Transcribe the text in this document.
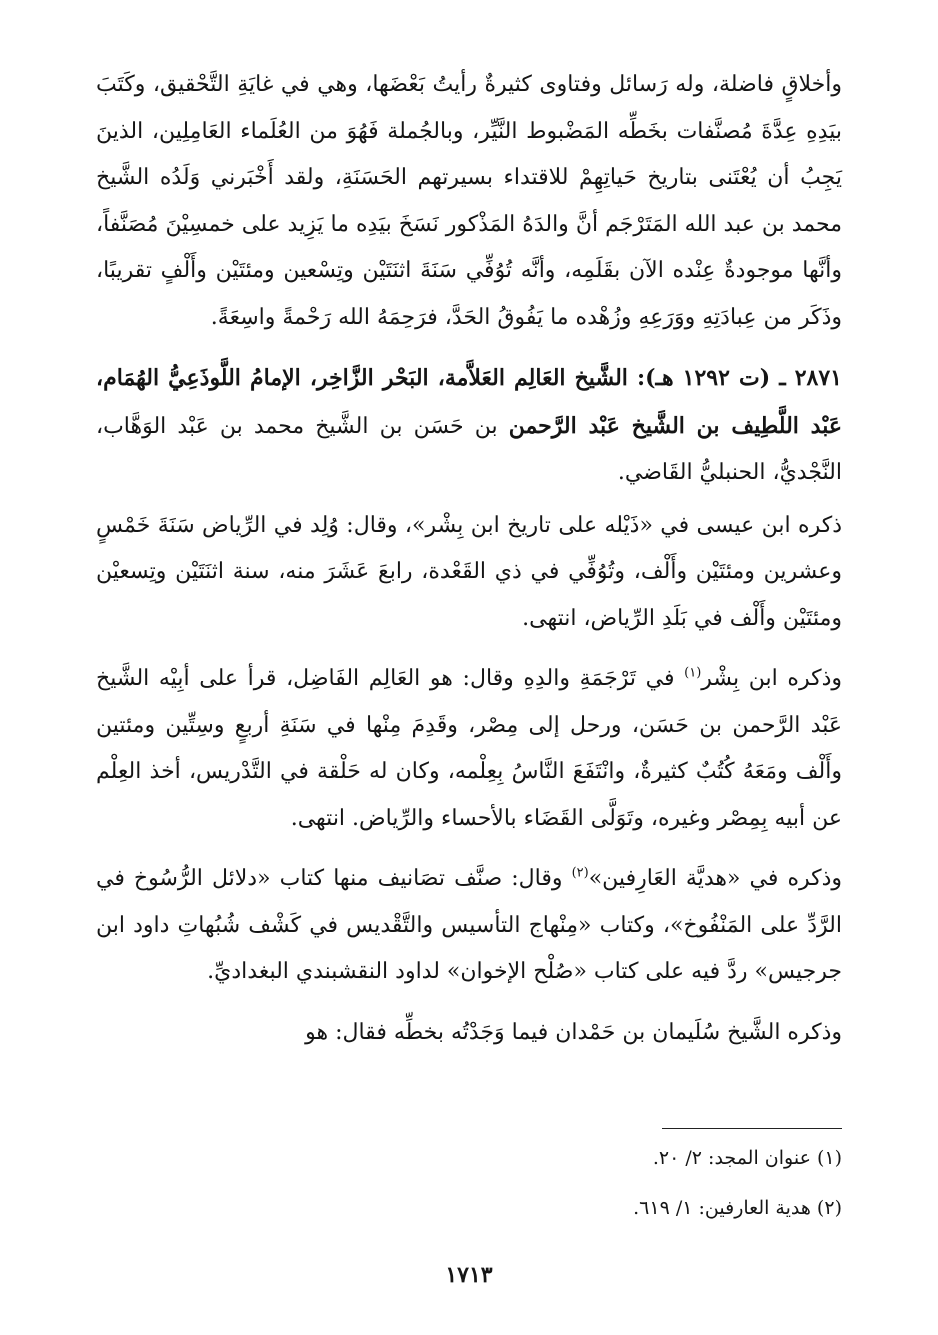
وأخلاقٍ فاضلة، وله رَسائل وفتاوى كثيرةٌ رأيتُ بَعْضَها، وهي في غايَةِ التَّحْقيق، وكَتَبَ بيَدِهِ عِدَّةَ مُصنَّفات بخَطِّه المَضْبوط النَّيِّر، وبالجُملة فَهُوَ من العُلَماء العَامِلِين، الذينَ يَجِبُ أن يُعْتَنى بتاريخ حَياتِهِمْ للاقتداء بسيرتهم الحَسَنَةِ، ولقد أَخْبَرني وَلَدُه الشَّيخ محمد بن عبد الله المَتَرْجَم أنَّ والدَهُ المَذْكور نَسَخَ بيَدِه ما يَزِيد على خمسِيْنَ مُصَنَّفاً، وأنَّها موجودةٌ عِنْده الآن بقَلَمِه، وأنَّه تُوُفِّي سَنَةَ اثنَتَيْن وتِسْعين ومئتَيْن وأَلْفٍ تقريبًا، وذَكَر من عِبادَتِهِ ووَرَعِهِ وزُهْده ما يَفُوقُ الحَدَّ، فرَحِمَهُ الله رَحْمةً واسِعَةً.

٢٨٧١ ـ (ت ١٢٩٢ هـ): الشَّيخ العَالِم العَلاَّمة، البَحْر الزَّاخِر، الإمامُ اللَّوذَعِيُّ الهُمَام، عَبْد اللَّطِيف بن الشَّيخ عَبْد الرَّحمن بن حَسَن بن الشَّيخ محمد بن عَبْد الوَهَّاب، النَّجْديُّ، الحنبليُّ القَاضي.

ذكره ابن عيسى في «ذَيْله على تاريخ ابن بِشْر»، وقال: وُلِد في الرِّياض سَنَةَ خَمْسٍ وعشرين ومئتَيْن وأَلْف، وتُوُفِّي في ذي القَعْدة، رابعَ عَشَرَ منه، سنة اثنَتَيْن وتِسعيْن ومئتَيْن وأَلْف في بَلَدِ الرِّياض، انتهى.

وذكره ابن بِشْر$^{(١)}$ في تَرْجَمَةِ والدِهِ وقال: هو العَالِم الفَاضِل، قرأ على أبِيْه الشَّيخ عَبْد الرَّحمن بن حَسَن، ورحل إلى مِصْر، وقَدِمَ مِنْها في سَنَةِ أربعٍ وسِتِّين ومئتين وأَلْف ومَعَهُ كُتُبٌ كثيرةٌ، وانْتَفَعَ النَّاسُ بِعِلْمه، وكان له حَلْقة في التَّدْريس، أخذ العِلْم عن أبيه بِمِصْر وغيره، وتَوَلَّى القَضَاء بالأحساء والرِّياض. انتهى.

وذكره في «هديَّة العَارِفين»$^{(٢)}$ وقال: صنَّف تصَانيف منها كتاب «دلائل الرُّسُوخ في الرَّدِّ على المَنْفُوخ»، وكتاب «مِنْهاج التأسيس والتَّقْديس في كَشْف شُبُهاتِ داود ابن جرجيس» ردَّ فيه على كتاب «صُلْح الإخوان» لداود النقشبندي البغداديِّ.

وذكره الشَّيخ سُلَيمان بن حَمْدان فيما وَجَدْتُه بخطِّه فقال: هو

(١) عنوان المجد: ٢/ ٢٠.

(٢) هدية العارفين: ١/ ٦١٩.

١٧١٣
